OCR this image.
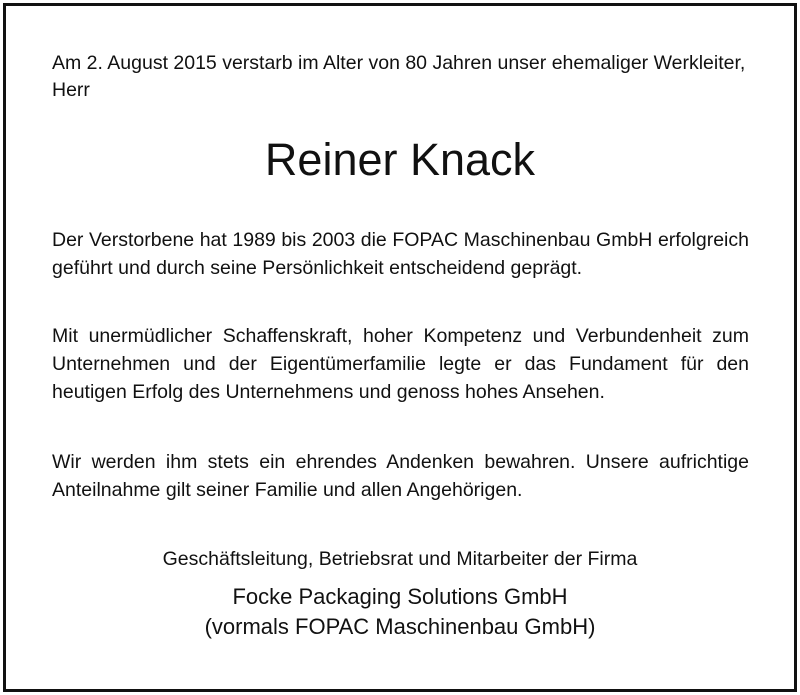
Am 2. August 2015 verstarb im Alter von 80 Jahren unser ehemaliger Werkleiter, Herr

Reiner Knack

Der Verstorbene hat 1989 bis 2003 die FOPAC Maschinenbau GmbH erfolgreich geführt und durch seine Persönlichkeit entscheidend geprägt.

Mit unermüdlicher Schaffenskraft, hoher Kompetenz und Verbundenheit zum Unternehmen und der Eigentümerfamilie legte er das Fundament für den heutigen Erfolg des Unternehmens und genoss hohes Ansehen.

Wir werden ihm stets ein ehrendes Andenken bewahren. Unsere aufrichtige Anteilnahme gilt seiner Familie und allen Angehörigen.

Geschäftsleitung, Betriebsrat und Mitarbeiter der Firma

Focke Packaging Solutions GmbH

(vormals FOPAC Maschinenbau GmbH)
